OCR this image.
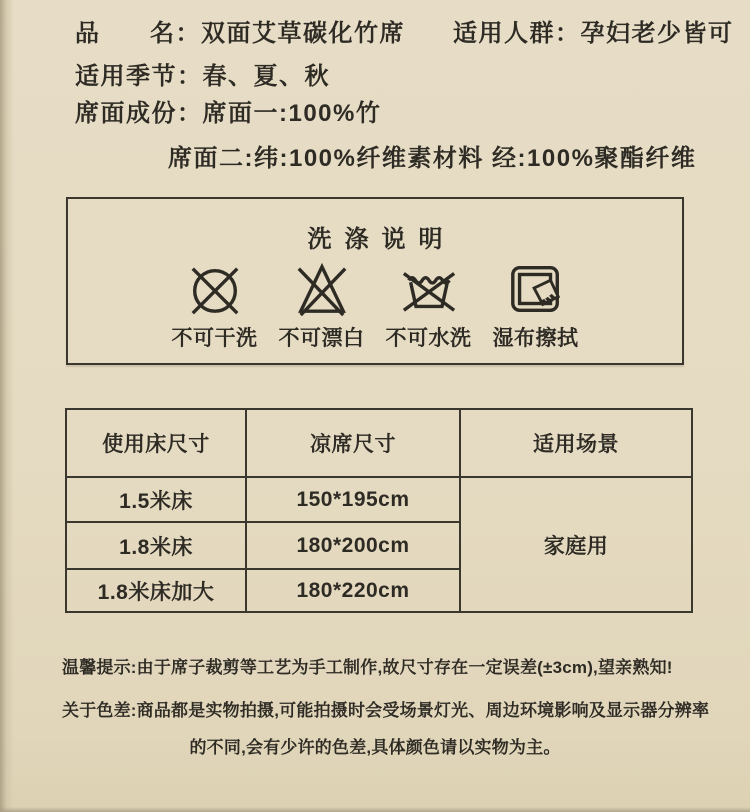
品 名：双面艾草碳化竹席 适用人群：孕妇老少皆可
适用季节：春、夏、秋
席面成份：席面一:100%竹
席面二:纬:100%纤维素材料 经:100%聚酯纤维
洗涤说明
不可干洗 不可漂白 不可水洗 湿布擦拭
使用床尺寸	凉席尺寸	适用场景
1.5米床	150*195cm	家庭用
1.8米床	180*200cm	
1.8米床加大	180*220cm	
温馨提示:由于席子裁剪等工艺为手工制作,故尺寸存在一定误差(±3cm),望亲熟知!
关于色差:商品都是实物拍摄,可能拍摄时会受场景灯光、周边环境影响及显示器分辨率
的不同,会有少许的色差,具体颜色请以实物为主。
